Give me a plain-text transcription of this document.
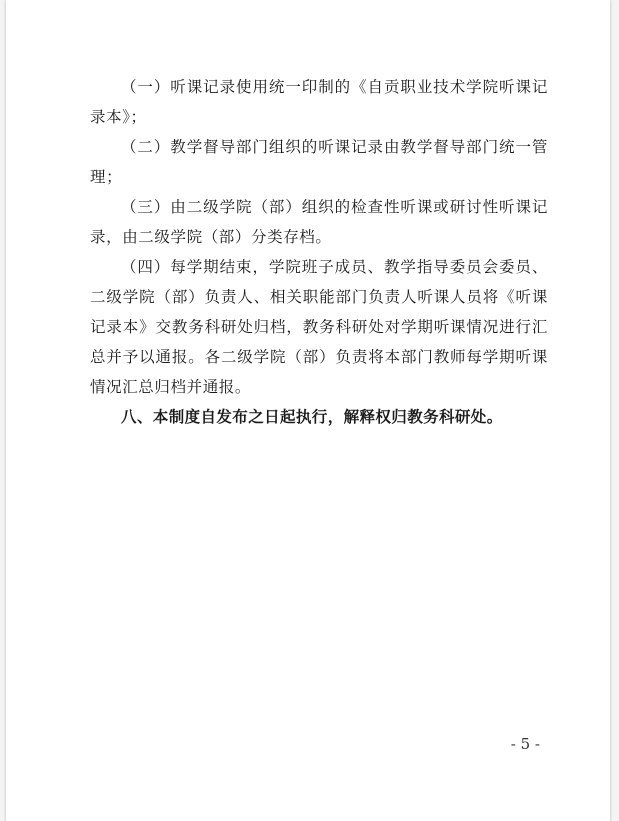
（一）听课记录使用统一印制的《自贡职业技术学院听课记录本》；

（二）教学督导部门组织的听课记录由教学督导部门统一管理；

（三）由二级学院（部）组织的检查性听课或研讨性听课记录，由二级学院（部）分类存档。

（四）每学期结束，学院班子成员、教学指导委员会委员、二级学院（部）负责人、相关职能部门负责人听课人员将《听课记录本》交教务科研处归档，教务科研处对学期听课情况进行汇总并予以通报。各二级学院（部）负责将本部门教师每学期听课情况汇总归档并通报。

八、本制度自发布之日起执行，解释权归教务科研处。

- 5 -
